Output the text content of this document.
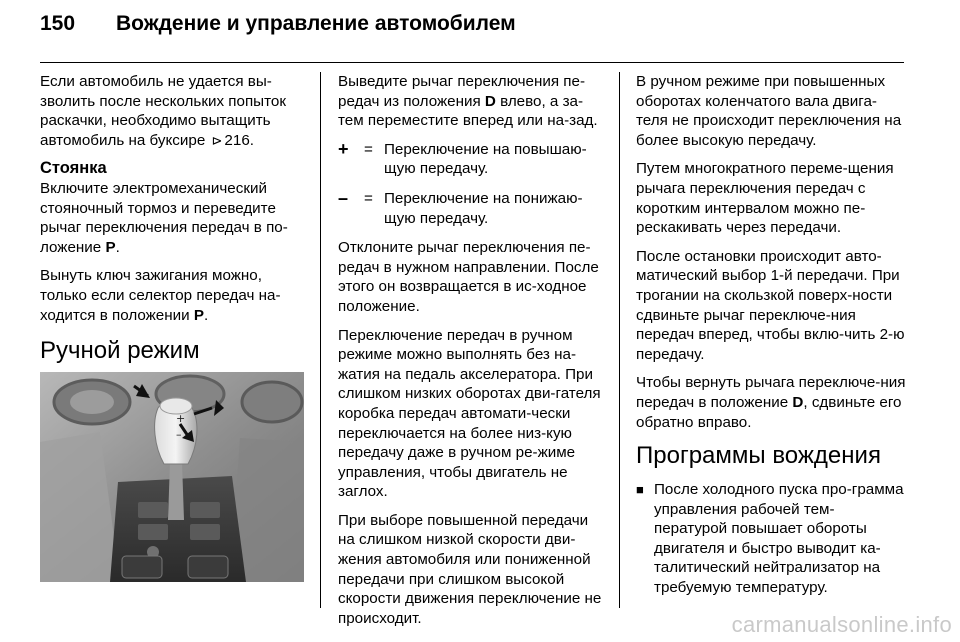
150	Вождение и управление автомобилем

Если автомобиль не удается вы-
зволить после нескольких попыток раскачки, необходимо вытащить автомобиль на буксире ⊳ 216.

Стоянка

Включите электромеханический стояночный тормоз и переведите рычаг переключения передач в по-ложение P.

Вынуть ключ зажигания можно, только если селектор передач на-ходится в положении P.

Ручной режим
+
–

Выведите рычаг переключения пе-редач из положения D влево, а за-тем переместите вперед или на-зад.

+	= Переключение на повышаю-щую передачу.
–	= Переключение на понижаю-щую передачу.

Отклоните рычаг переключения пе-редач в нужном направлении. После этого он возвращается в ис-ходное положение.

Переключение передач в ручном режиме можно выполнять без на-жатия на педаль акселератора. При слишком низких оборотах дви-гателя коробка передач автомати-чески переключается на более низ-кую передачу даже в ручном ре-жиме управления, чтобы двигатель не заглох.

При выборе повышенной передачи на слишком низкой скорости дви-жения автомобиля или пониженной передачи при слишком высокой скорости движения переключение не происходит.

В ручном режиме при повышенных оборотах коленчатого вала двига-теля не происходит переключения на более высокую передачу.

Путем многократного переме-щения рычага переключения передач с коротким интервалом можно пе-рескакивать через передачи.

После остановки происходит авто-матический выбор 1-й передачи. При трогании на скользкой поверх-ности сдвиньте рычаг переключе-ния передач вперед, чтобы вклю-чить 2-ю передачу.

Чтобы вернуть рычага переключе-ния передач в положение D, сдвиньте его обратно вправо.

Программы вождения
■ После холодного пуска про-грамма управления рабочей тем-пературой повышает обороты двигателя и быстро выводит ка-талитический нейтрализатор на требуемую температуру.
carmanualsonline.info
